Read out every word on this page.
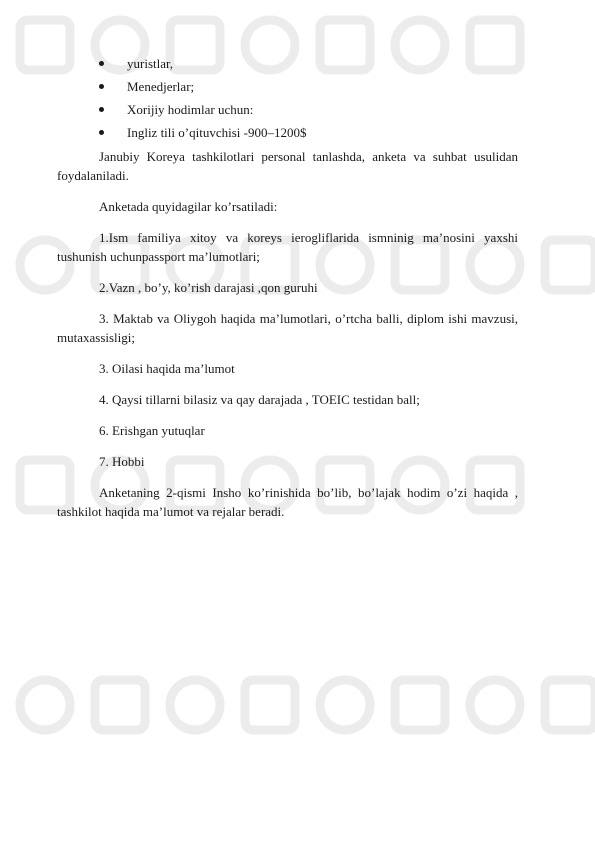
yuristlar,
Menedjerlar;
Xorijiy hodimlar uchun:
Ingliz tili o’qituvchisi -900–1200$

Janubiy Koreya tashkilotlari personal tanlashda, anketa va suhbat usulidan foydalaniladi.

Anketada quyidagilar ko’rsatiladi:

1.Ism familiya xitoy va koreys ierogliflarida ismninig ma’nosini yaxshi tushunish uchunpassport ma’lumotlari;

2.Vazn , bo’y, ko’rish darajasi ,qon guruhi

3. Maktab va Oliygoh haqida ma’lumotlari, o’rtcha balli, diplom ishi mavzusi, mutaxassisligi;

3. Oilasi haqida ma’lumot

4. Qaysi tillarni bilasiz va qay darajada , TOEIC testidan ball;

6. Erishgan yutuqlar

7. Hobbi

Anketaning 2-qismi Insho ko’rinishida bo’lib, bo’lajak hodim o’zi haqida , tashkilot haqida ma’lumot va rejalar beradi.
